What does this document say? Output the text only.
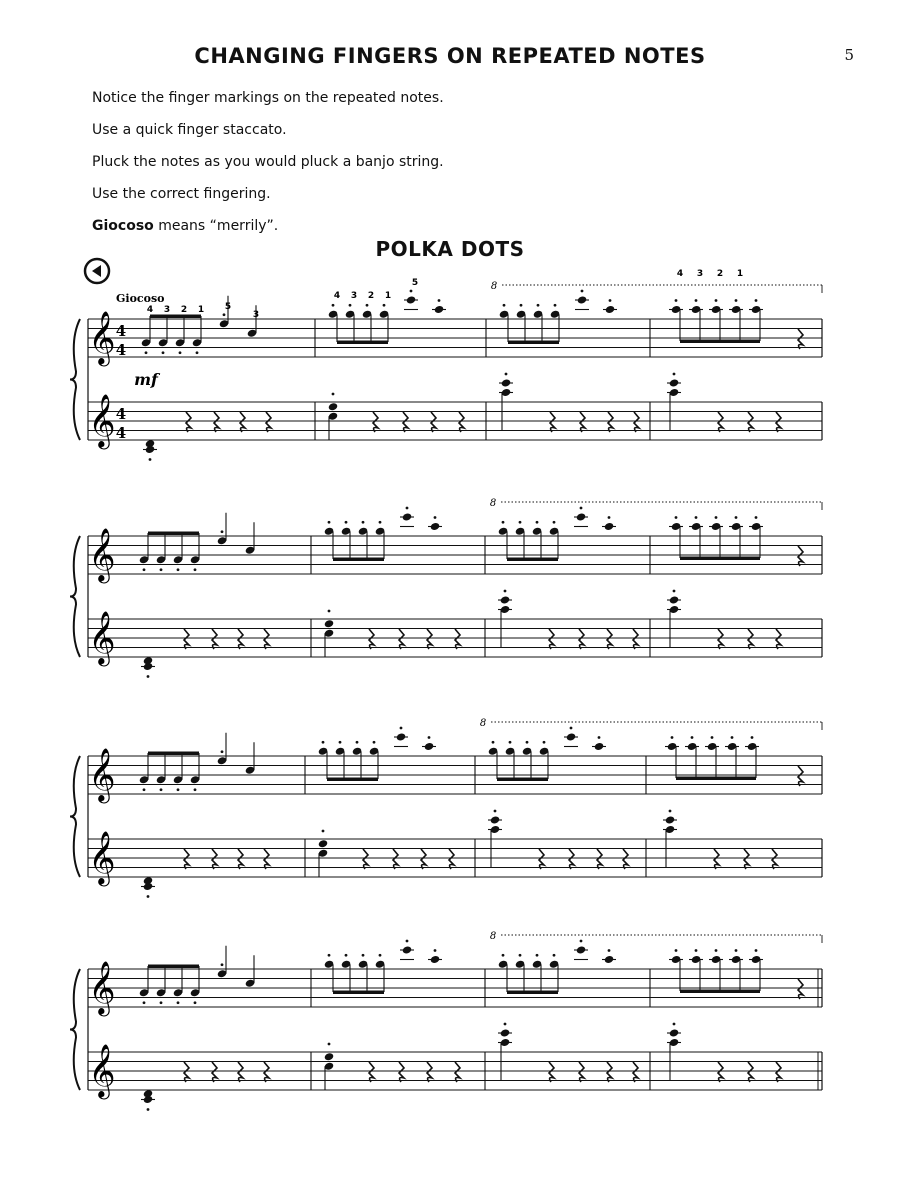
CHANGING FINGERS ON REPEATED NOTES	5
Notice the finger markings on the repeated notes.
Use a quick finger staccato.
Pluck the notes as you would pluck a banjo string.
Use the correct fingering.
Giocoso means “merrily”.
POLKA DOTS
𝄞
𝄞
4
4
4
4
8
Giocoso
mf
4 3 2 1 5
3
4 3 2 1
5
4 3 2 1
𝄞
𝄞
8
𝄞
𝄞
8
𝄞
𝄞
8
